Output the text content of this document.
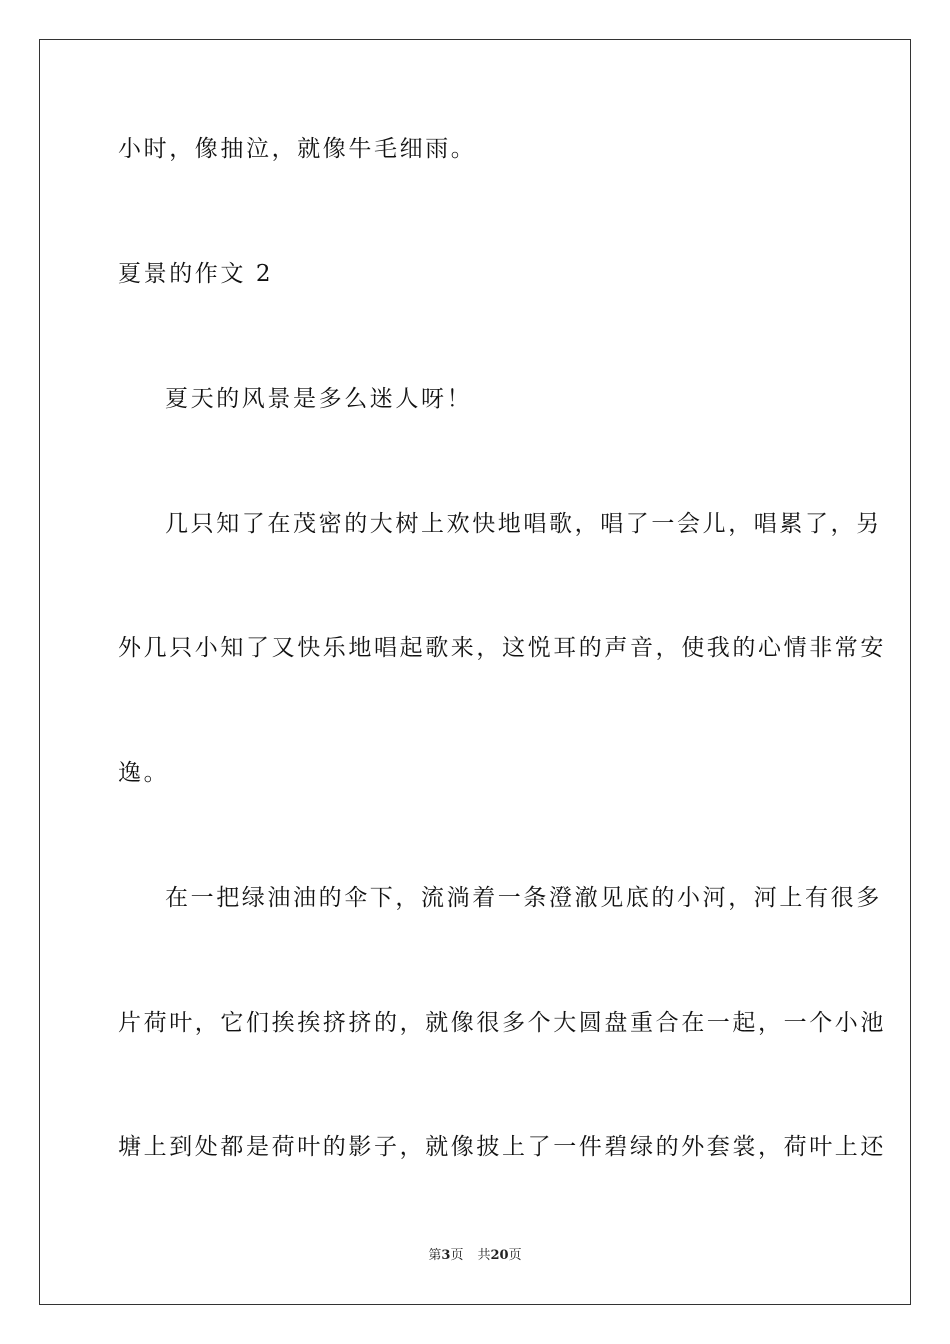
小时，像抽泣，就像牛毛细雨。
夏景的作文 2
夏天的风景是多么迷人呀！
几只知了在茂密的大树上欢快地唱歌，唱了一会儿，唱累了，另
外几只小知了又快乐地唱起歌来，这悦耳的声音，使我的心情非常安
逸。
在一把绿油油的伞下，流淌着一条澄澈见底的小河，河上有很多
片荷叶，它们挨挨挤挤的，就像很多个大圆盘重合在一起，一个小池
塘上到处都是荷叶的影子，就像披上了一件碧绿的外套裳，荷叶上还
第3页 共20页
